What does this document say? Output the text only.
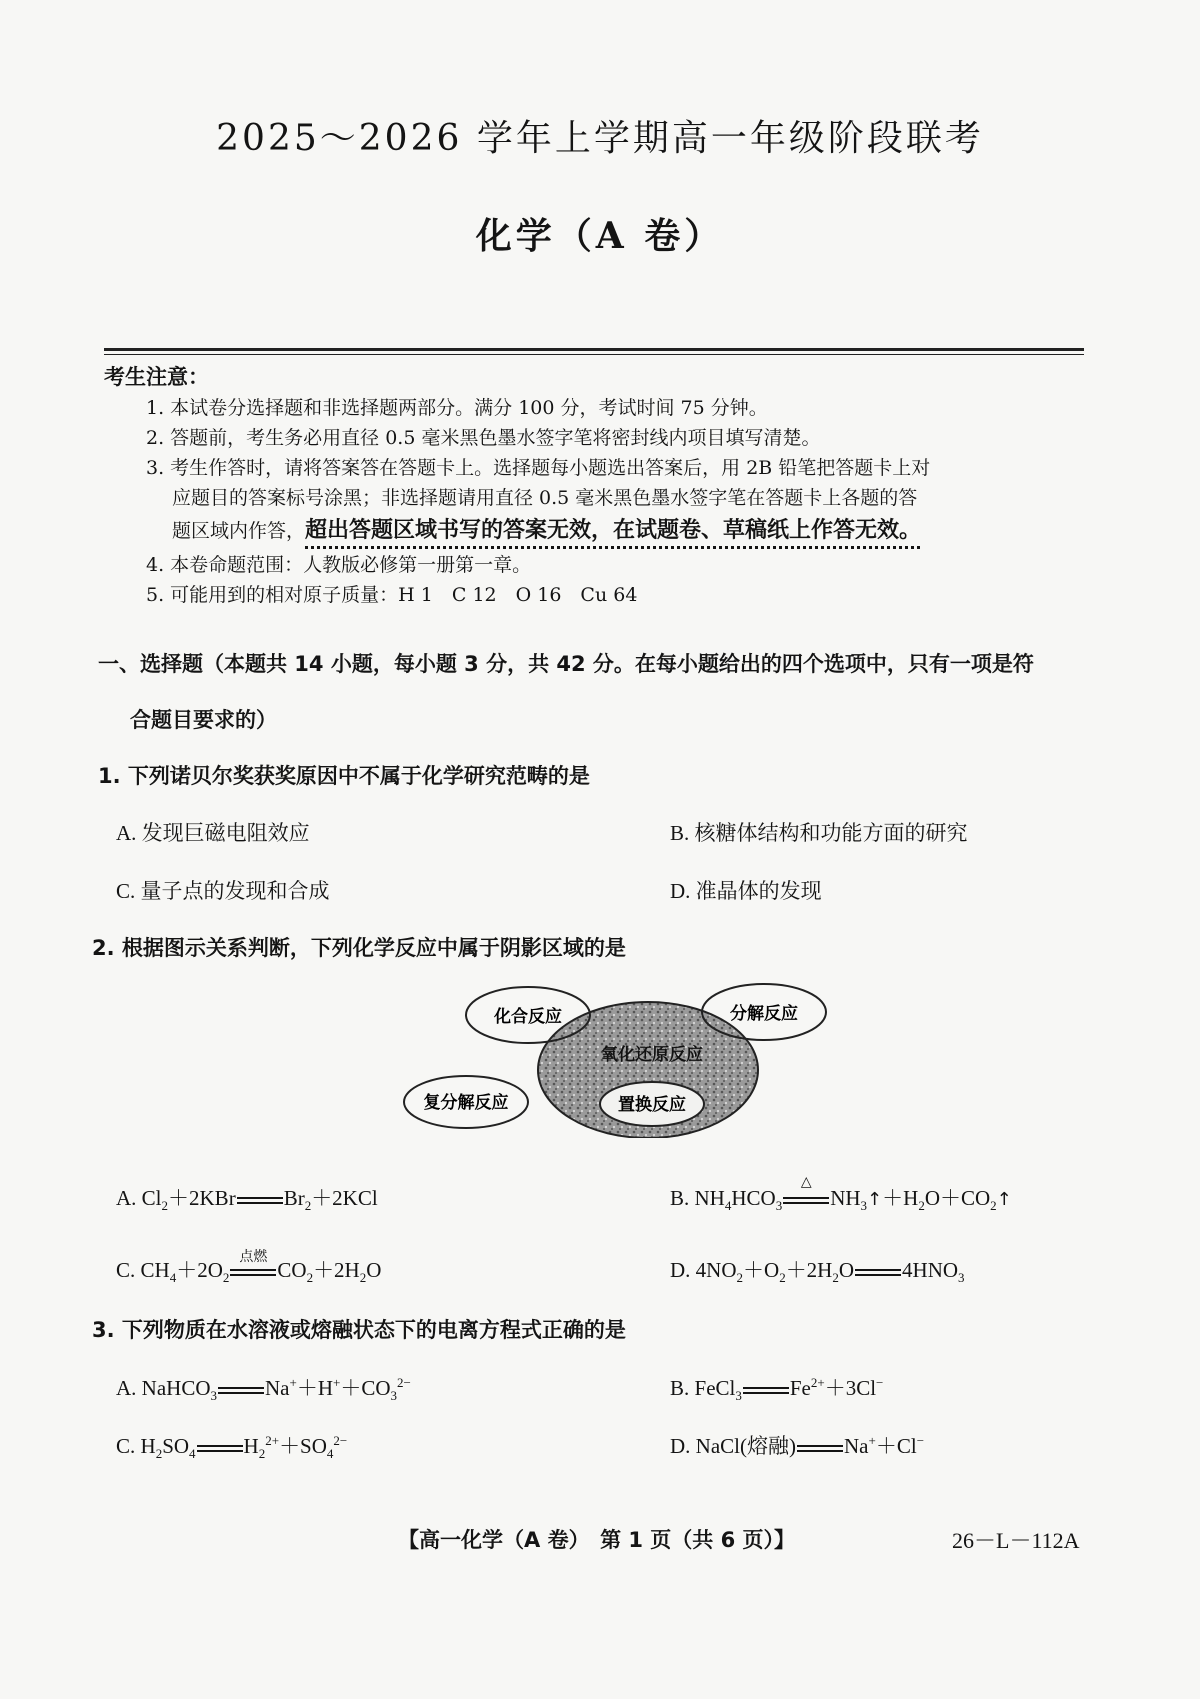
2025～2026 学年上学期高一年级阶段联考
化学（A 卷）
考生注意：
1. 本试卷分选择题和非选择题两部分。满分 100 分，考试时间 75 分钟。
2. 答题前，考生务必用直径 0.5 毫米黑色墨水签字笔将密封线内项目填写清楚。
3. 考生作答时，请将答案答在答题卡上。选择题每小题选出答案后，用 2B 铅笔把答题卡上对
应题目的答案标号涂黑；非选择题请用直径 0.5 毫米黑色墨水签字笔在答题卡上各题的答
题区域内作答，超出答题区域书写的答案无效，在试题卷、草稿纸上作答无效。
4. 本卷命题范围：人教版必修第一册第一章。
5. 可能用到的相对原子质量：H 1　C 12　O 16　Cu 64
一、选择题（本题共 14 小题，每小题 3 分，共 42 分。在每小题给出的四个选项中，只有一项是符
合题目要求的）
1. 下列诺贝尔奖获奖原因中不属于化学研究范畴的是
A. 发现巨磁电阻效应	B. 核糖体结构和功能方面的研究
C. 量子点的发现和合成	D. 准晶体的发现
2. 根据图示关系判断，下列化学反应中属于阴影区域的是
化合反应	分解反应
氧化还原反应
复分解反应	置换反应
A. $Cl_2+2KBr$ $Br_2+2KCl$	B. $NH_4HCO_3$
△
$NH_3↑+H_2O+CO_2↑$
C. $CH_4+2O_2$
点燃
$CO_2+2H_2O$	D. $4NO_2+O_2+2H_2O$ $4HNO_3$
3. 下列物质在水溶液或熔融状态下的电离方程式正确的是
A. NaHCO$_3$ $Na^++H^++CO_3^{2-}$	B. FeCl$_3$ $Fe^{2+}+3Cl^-$
C. $H_2SO_4$ $H_2^{2+}+SO_4^{2-}$	D. NaCl(熔融) Na+＋Cl−
【高一化学（A 卷）　第 1 页（共 6 页）】	26－L－112A
